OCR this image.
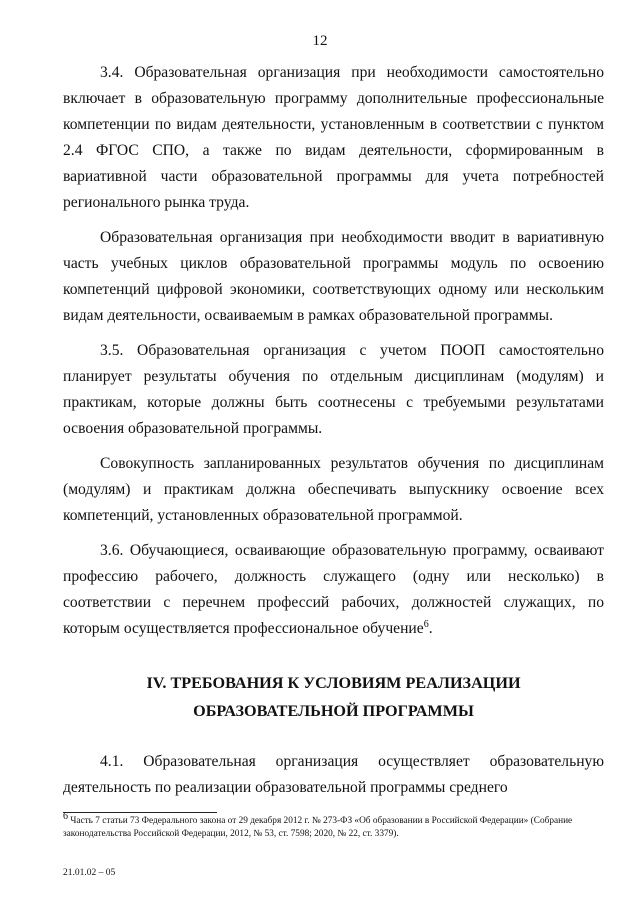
12

3.4. Образовательная организация при необходимости самостоятельно включает в образовательную программу дополнительные профессиональные компетенции по видам деятельности, установленным в соответствии с пунктом 2.4 ФГОС СПО, а также по видам деятельности, сформированным в вариативной части образовательной программы для учета потребностей регионального рынка труда.

Образовательная организация при необходимости вводит в вариативную часть учебных циклов образовательной программы модуль по освоению компетенций цифровой экономики, соответствующих одному или нескольким видам деятельности, осваиваемым в рамках образовательной программы.

3.5. Образовательная организация с учетом ПООП самостоятельно планирует результаты обучения по отдельным дисциплинам (модулям) и практикам, которые должны быть соотнесены с требуемыми результатами освоения образовательной программы.

Совокупность запланированных результатов обучения по дисциплинам (модулям) и практикам должна обеспечивать выпускнику освоение всех компетенций, установленных образовательной программой.

3.6. Обучающиеся, осваивающие образовательную программу, осваивают профессию рабочего, должность служащего (одну или несколько) в соответствии с перечнем профессий рабочих, должностей служащих, по которым осуществляется профессиональное обучение$^6$.

IV. ТРЕБОВАНИЯ К УСЛОВИЯМ РЕАЛИЗАЦИИ ОБРАЗОВАТЕЛЬНОЙ ПРОГРАММЫ

4.1. Образовательная организация осуществляет образовательную деятельность по реализации образовательной программы среднего

$^6$ Часть 7 статьи 73 Федерального закона от 29 декабря 2012 г. № 273-ФЗ «Об образовании в Российской Федерации» (Собрание законодательства Российской Федерации, 2012, № 53, ст. 7598; 2020, № 22, ст. 3379).

21.01.02 – 05
